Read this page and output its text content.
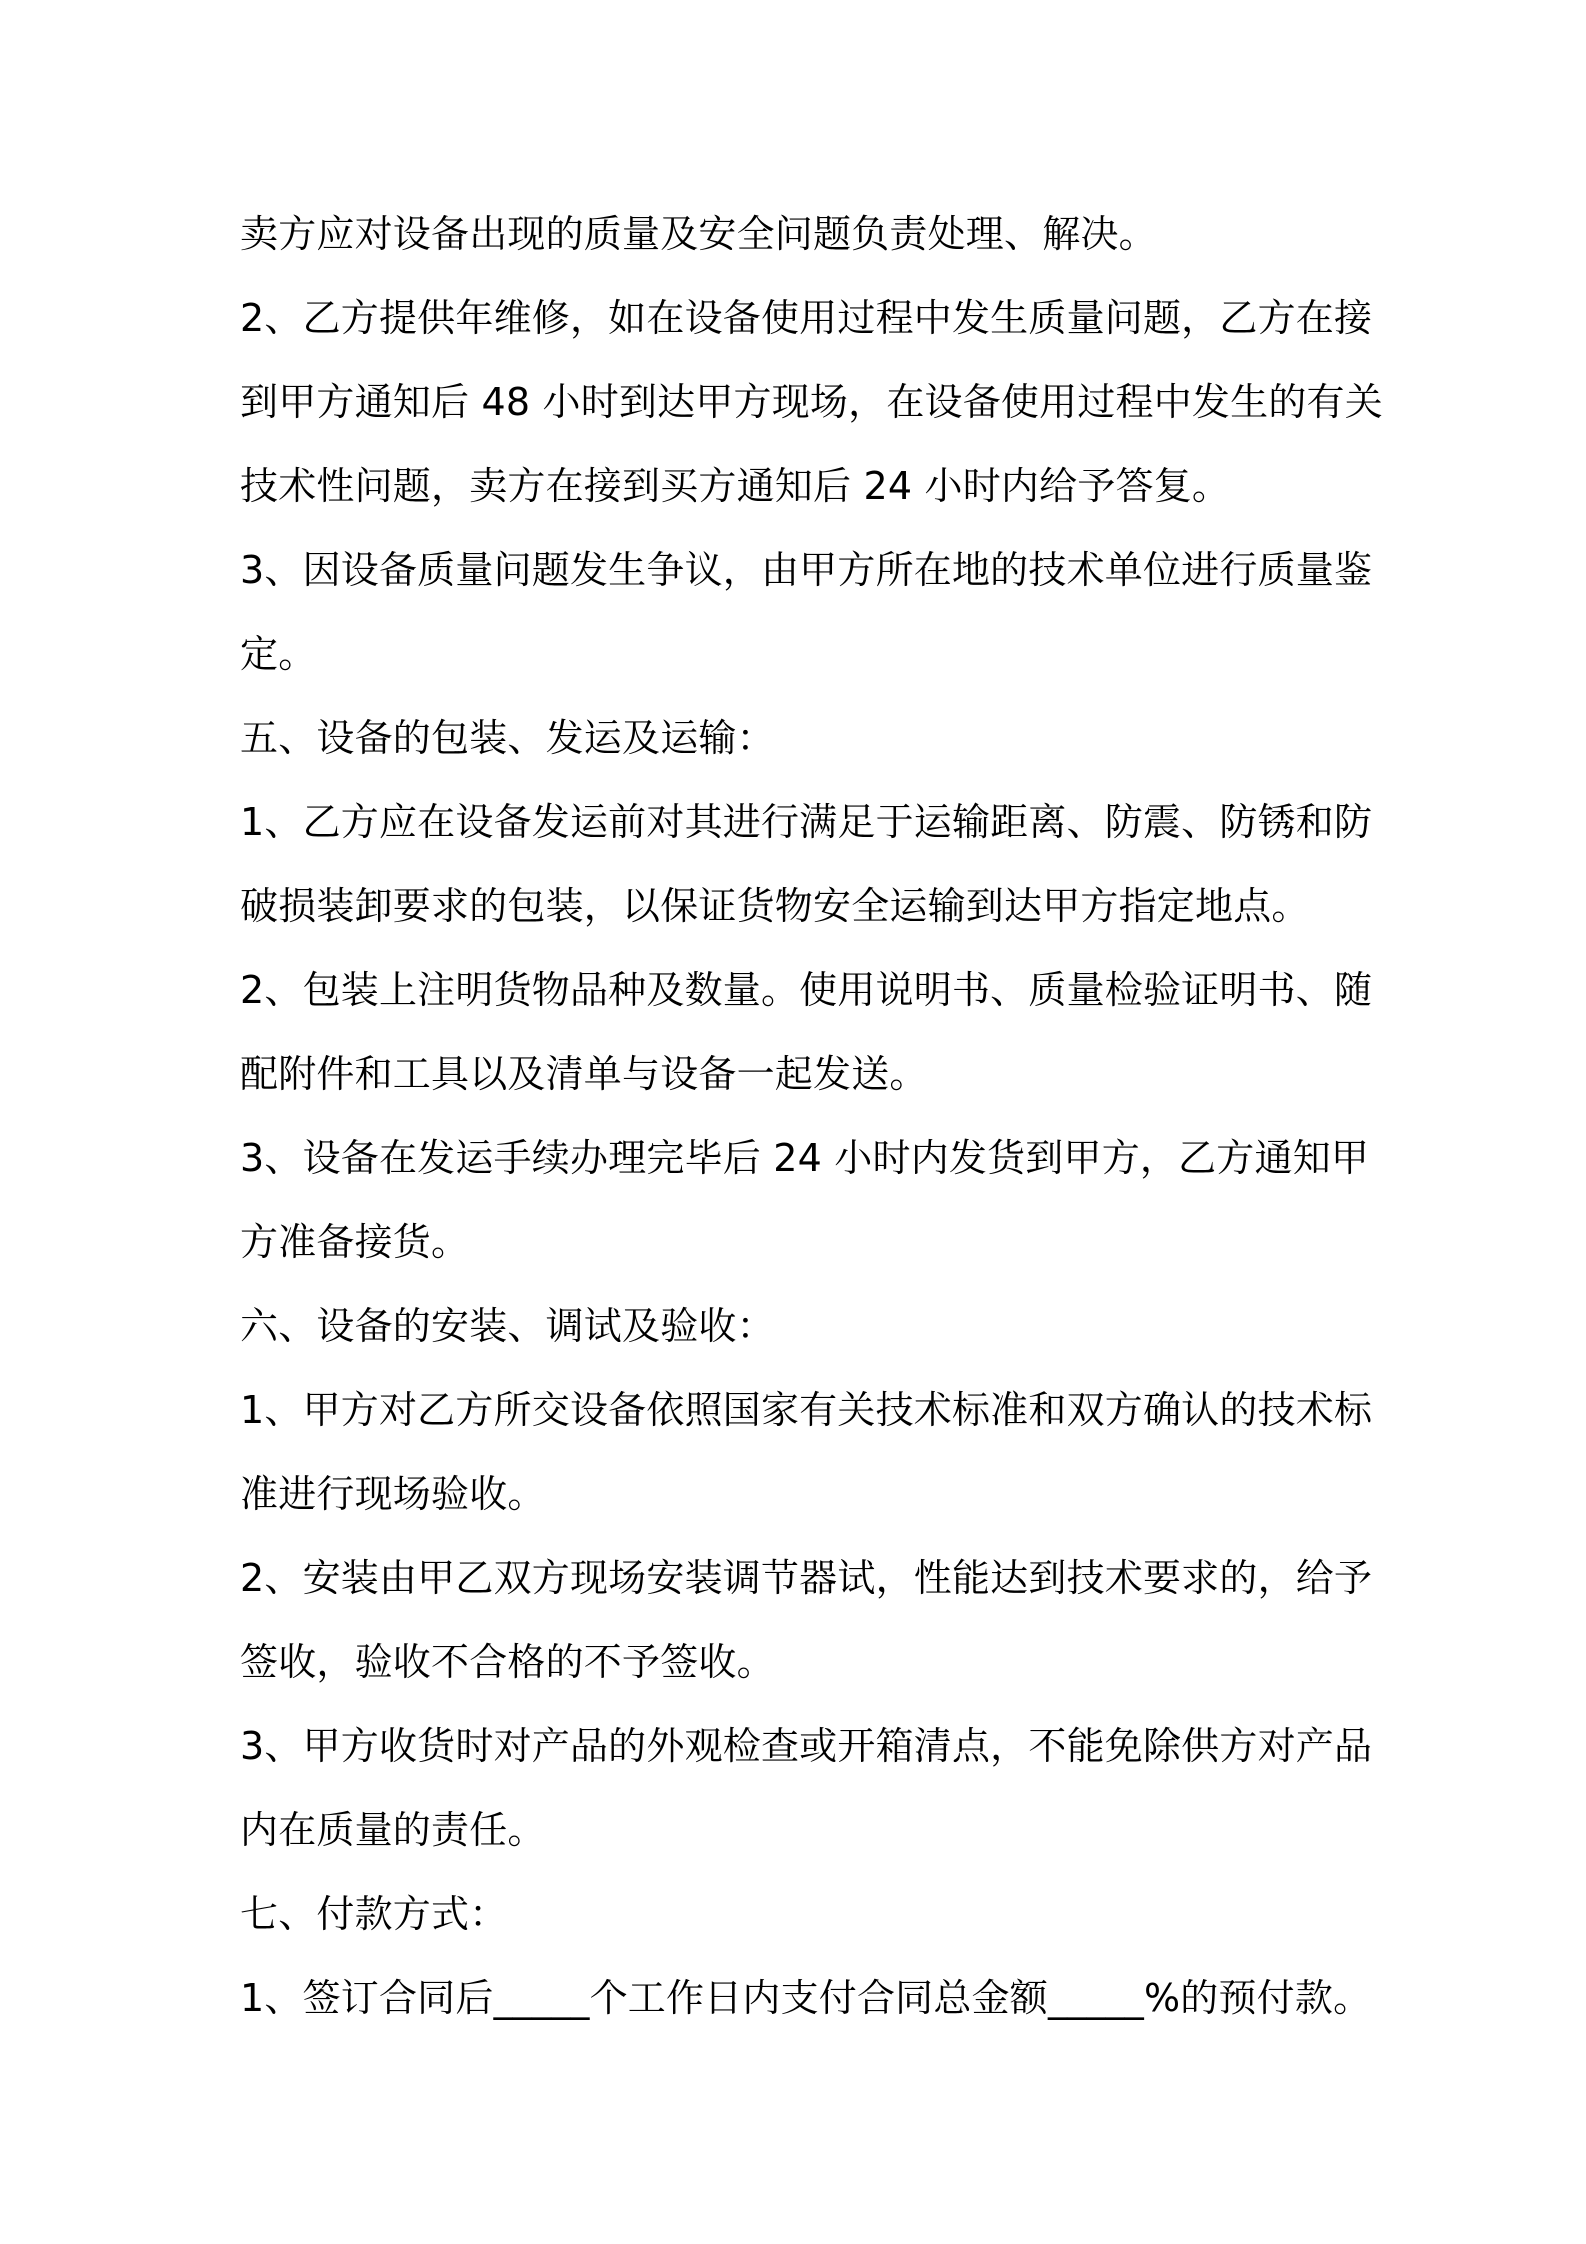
卖方应对设备出现的质量及安全问题负责处理、解决。
2、乙方提供年维修，如在设备使用过程中发生质量问题，乙方在接
到甲方通知后 48 小时到达甲方现场，在设备使用过程中发生的有关
技术性问题，卖方在接到买方通知后 24 小时内给予答复。
3、因设备质量问题发生争议，由甲方所在地的技术单位进行质量鉴
定。
五、设备的包装、发运及运输：
1、乙方应在设备发运前对其进行满足于运输距离、防震、防锈和防
破损装卸要求的包装，以保证货物安全运输到达甲方指定地点。
2、包装上注明货物品种及数量。使用说明书、质量检验证明书、随
配附件和工具以及清单与设备一起发送。
3、设备在发运手续办理完毕后 24 小时内发货到甲方，乙方通知甲
方准备接货。
六、设备的安装、调试及验收：
1、甲方对乙方所交设备依照国家有关技术标准和双方确认的技术标
准进行现场验收。
2、安装由甲乙双方现场安装调节器试，性能达到技术要求的，给予
签收，验收不合格的不予签收。
3、甲方收货时对产品的外观检查或开箱清点，不能免除供方对产品
内在质量的责任。
七、付款方式：
1、签订合同后_____个工作日内支付合同总金额_____%的预付款。
